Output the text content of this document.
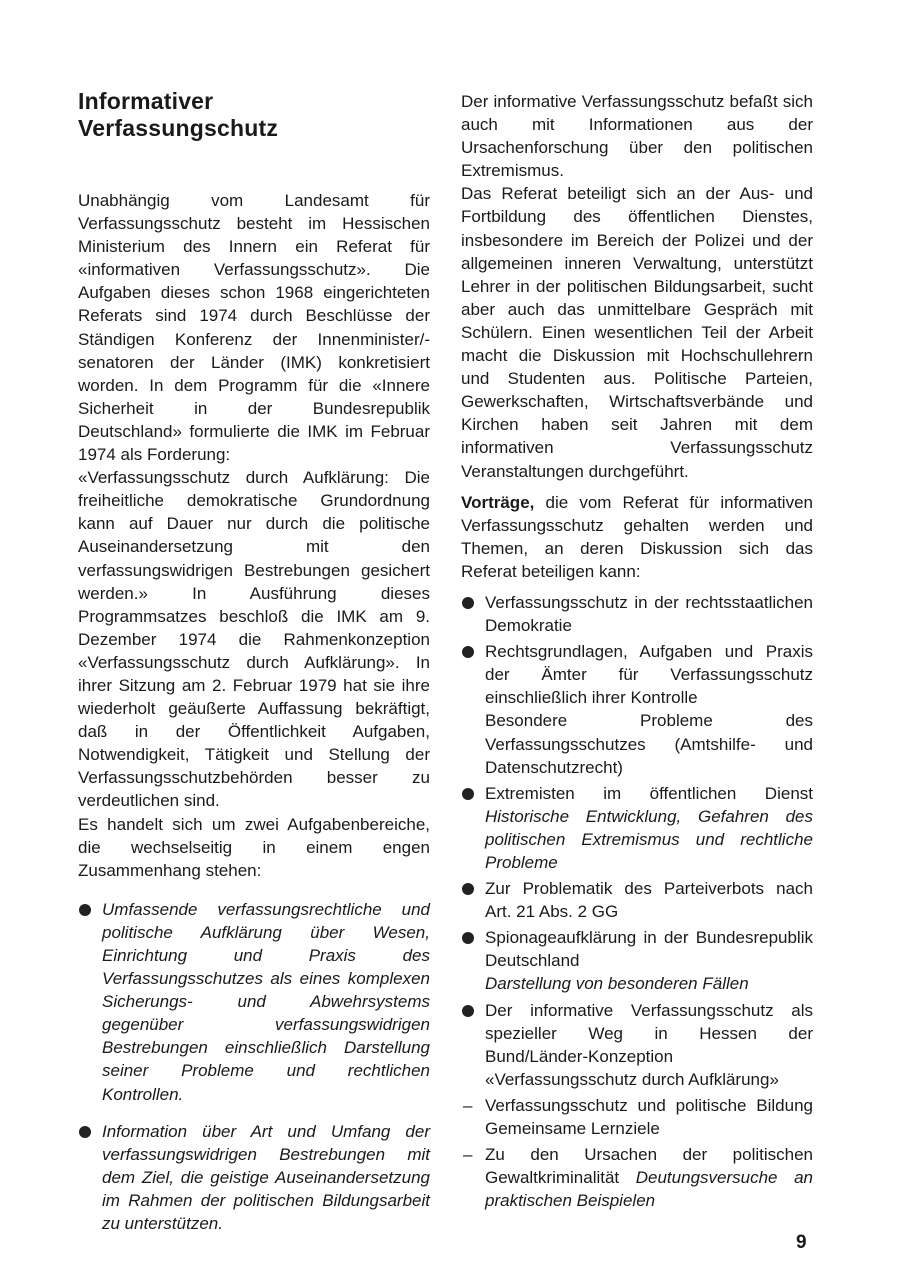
Informativer
Verfassungschutz

Unabhängig vom Landesamt für Verfassungsschutz besteht im Hessischen Ministerium des Innern ein Referat für «informativen Verfassungsschutz». Die Aufgaben dieses schon 1968 eingerichteten Referats sind 1974 durch Beschlüsse der Ständigen Konferenz der Innenminister/-senatoren der Länder (IMK) konkretisiert worden. In dem Programm für die «Innere Sicherheit in der Bundesrepublik Deutschland» formulierte die IMK im Februar 1974 als Forderung:

«Verfassungsschutz durch Aufklärung: Die freiheitliche demokratische Grundordnung kann auf Dauer nur durch die politische Auseinandersetzung mit den verfassungswidrigen Bestrebungen gesichert werden.» In Ausführung dieses Programmsatzes beschloß die IMK am 9. Dezember 1974 die Rahmenkonzeption «Verfassungsschutz durch Aufklärung». In ihrer Sitzung am 2. Februar 1979 hat sie ihre wiederholt geäußerte Auffassung bekräftigt, daß in der Öffentlichkeit Aufgaben, Notwendigkeit, Tätigkeit und Stellung der Verfassungsschutzbehörden besser zu verdeutlichen sind.

Es handelt sich um zwei Aufgabenbereiche, die wechselseitig in einem engen Zusammenhang stehen:

Umfassende verfassungsrechtliche und politische Aufklärung über Wesen, Einrichtung und Praxis des Verfassungsschutzes als eines komplexen Sicherungs- und Abwehrsystems gegenüber verfassungswidrigen Bestrebungen einschließlich Darstellung seiner Probleme und rechtlichen Kontrollen.
Information über Art und Umfang der verfassungswidrigen Bestrebungen mit dem Ziel, die geistige Auseinandersetzung im Rahmen der politischen Bildungsarbeit zu unterstützen.

Der informative Verfassungsschutz befaßt sich auch mit Informationen aus der Ursachenforschung über den politischen Extremismus.

Das Referat beteiligt sich an der Aus- und Fortbildung des öffentlichen Dienstes, insbesondere im Bereich der Polizei und der allgemeinen inneren Verwaltung, unterstützt Lehrer in der politischen Bildungsarbeit, sucht aber auch das unmittelbare Gespräch mit Schülern. Einen wesentlichen Teil der Arbeit macht die Diskussion mit Hochschullehrern und Studenten aus. Politische Parteien, Gewerkschaften, Wirtschaftsverbände und Kirchen haben seit Jahren mit dem informativen Verfassungsschutz Veranstaltungen durchgeführt.

Vorträge, die vom Referat für informativen Verfassungsschutz gehalten werden und Themen, an deren Diskussion sich das Referat beteiligen kann:

Verfassungsschutz in der rechtsstaatlichen Demokratie
Rechtsgrundlagen, Aufgaben und Praxis der Ämter für Verfassungsschutz einschließlich ihrer Kontrolle
Besondere Probleme des Verfassungsschutzes (Amtshilfe- und Datenschutzrecht)
Extremisten im öffentlichen Dienst Historische Entwicklung, Gefahren des politischen Extremismus und rechtliche Probleme
Zur Problematik des Parteiverbots nach Art. 21 Abs. 2 GG
Spionageaufklärung in der Bundesrepublik Deutschland
Darstellung von besonderen Fällen
Der informative Verfassungsschutz als spezieller Weg in Hessen der Bund/Länder-Konzeption «Verfassungsschutz durch Aufklärung»
– Verfassungsschutz und politische Bildung Gemeinsame Lernziele
– Zu den Ursachen der politischen Gewaltkriminalität Deutungsversuche an praktischen Beispielen
9
